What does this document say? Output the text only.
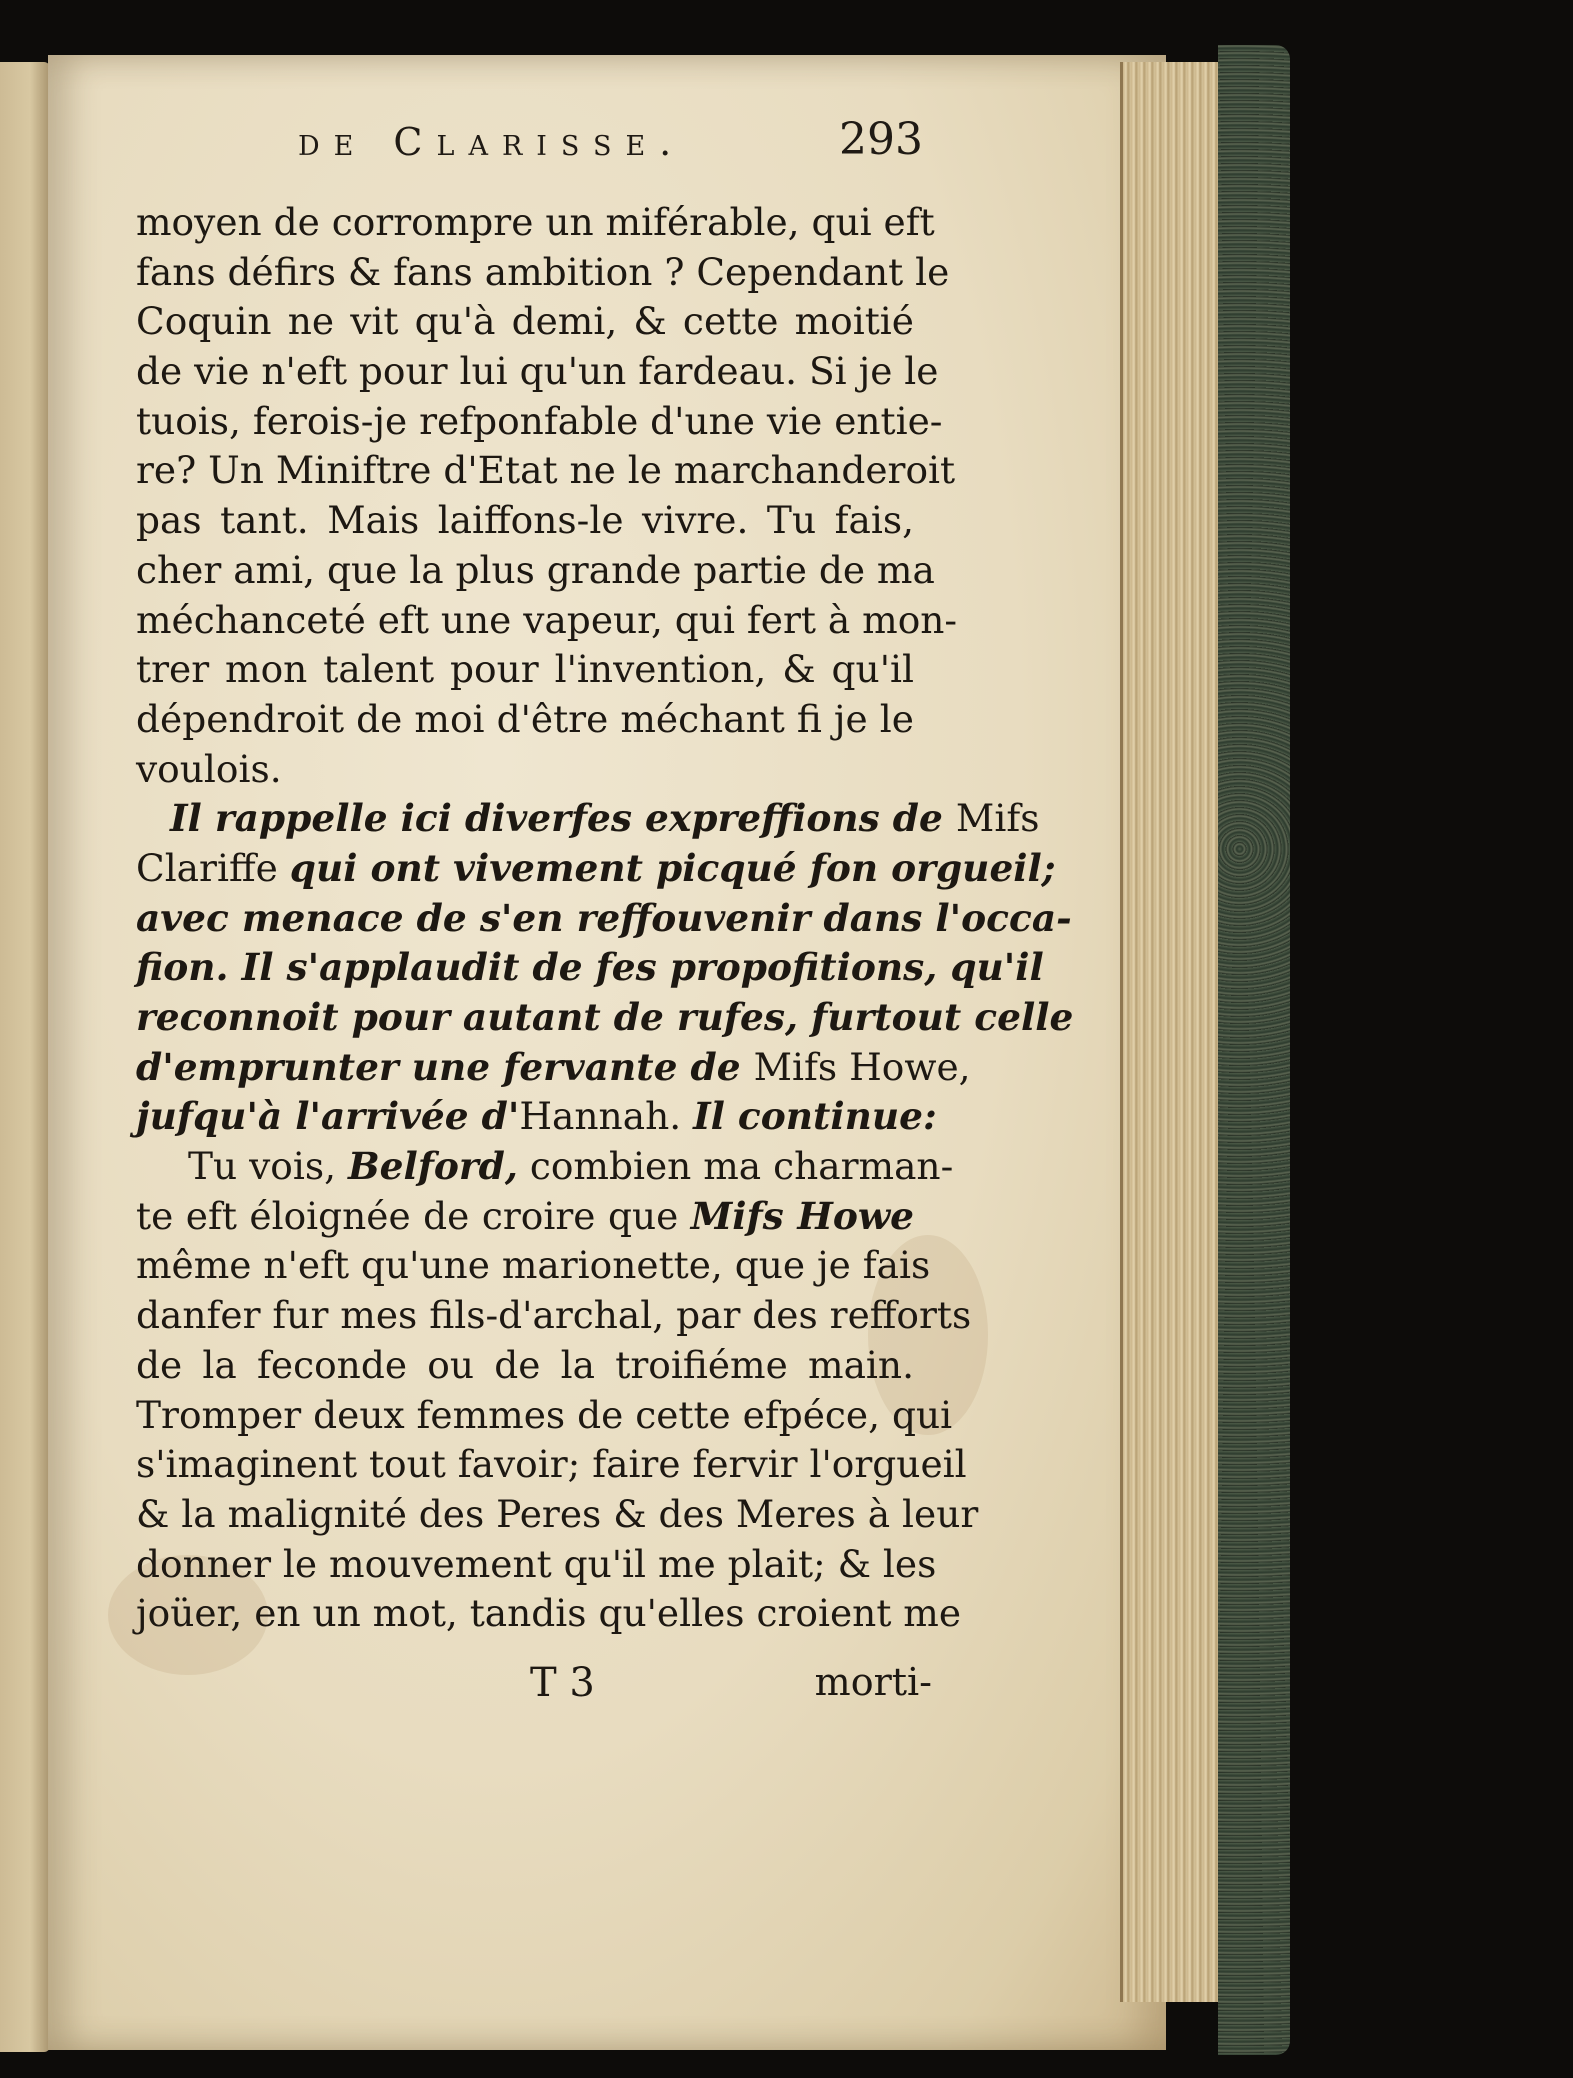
de Clarisse.	293
moyen de corrompre un miférable, qui eft
fans défirs & fans ambition ? Cependant le
Coquin ne vit qu'à demi, & cette moitié
de vie n'eft pour lui qu'un fardeau. Si je le
tuois, ferois-je refponfable d'une vie entie-
re? Un Miniftre d'Etat ne le marchanderoit
pas tant. Mais laiffons-le vivre. Tu fais,
cher ami, que la plus grande partie de ma
méchanceté eft une vapeur, qui fert à mon-
trer mon talent pour l'invention, & qu'il
dépendroit de moi d'être méchant fi je le
voulois.
Il rappelle ici diverfes expreffions de Mifs
Clariffe qui ont vivement picqué fon orgueil;
avec menace de s'en reffouvenir dans l'occa-
fion. Il s'applaudit de fes propofitions, qu'il
reconnoit pour autant de rufes, furtout celle
d'emprunter une fervante de Mifs Howe,
jufqu'à l'arrivée d'Hannah. Il continue:
Tu vois, Belford, combien ma charman-
te eft éloignée de croire que Mifs Howe
même n'eft qu'une marionette, que je fais
danfer fur mes fils-d'archal, par des refforts
de la feconde ou de la troifiéme main.
Tromper deux femmes de cette efpéce, qui
s'imaginent tout favoir; faire fervir l'orgueil
& la malignité des Peres & des Meres à leur
donner le mouvement qu'il me plait; & les
joüer, en un mot, tandis qu'elles croient me
T 3	morti-
